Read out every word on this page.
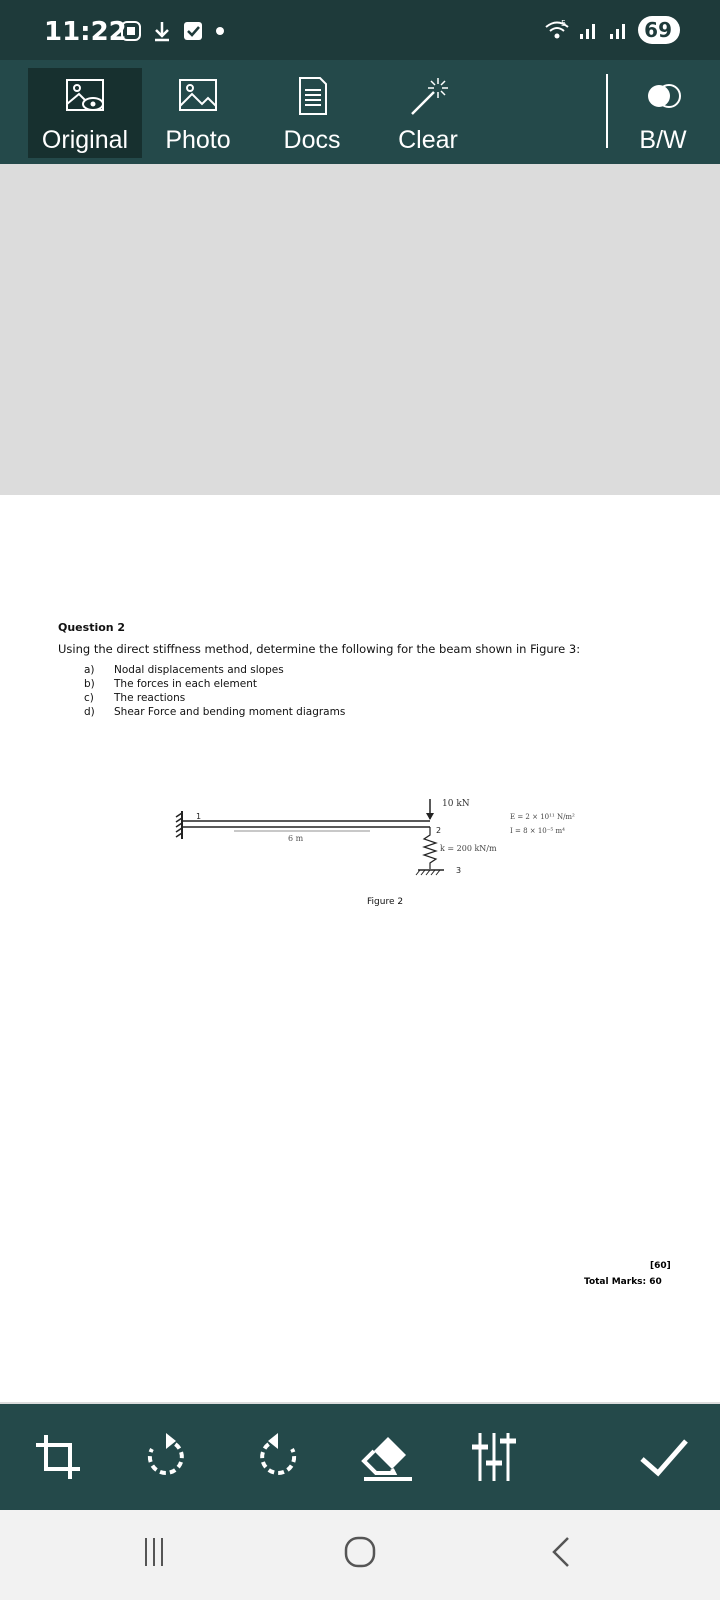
11:22	5	69
Original Photo Docs Clear	B/W
Question 2
Using the direct stiffness method, determine the following for the beam shown in Figure 3:
a)	Nodal displacements and slopes
b)	The forces in each element
c)	The reactions
d)	Shear Force and bending moment diagrams
1
6 m
10 kN
2
3
k = 200 kN/m
E = 2 × 10¹¹ N/m²
I = 8 × 10⁻⁵ m⁴
Figure 2
[60]
Total Marks: 60
